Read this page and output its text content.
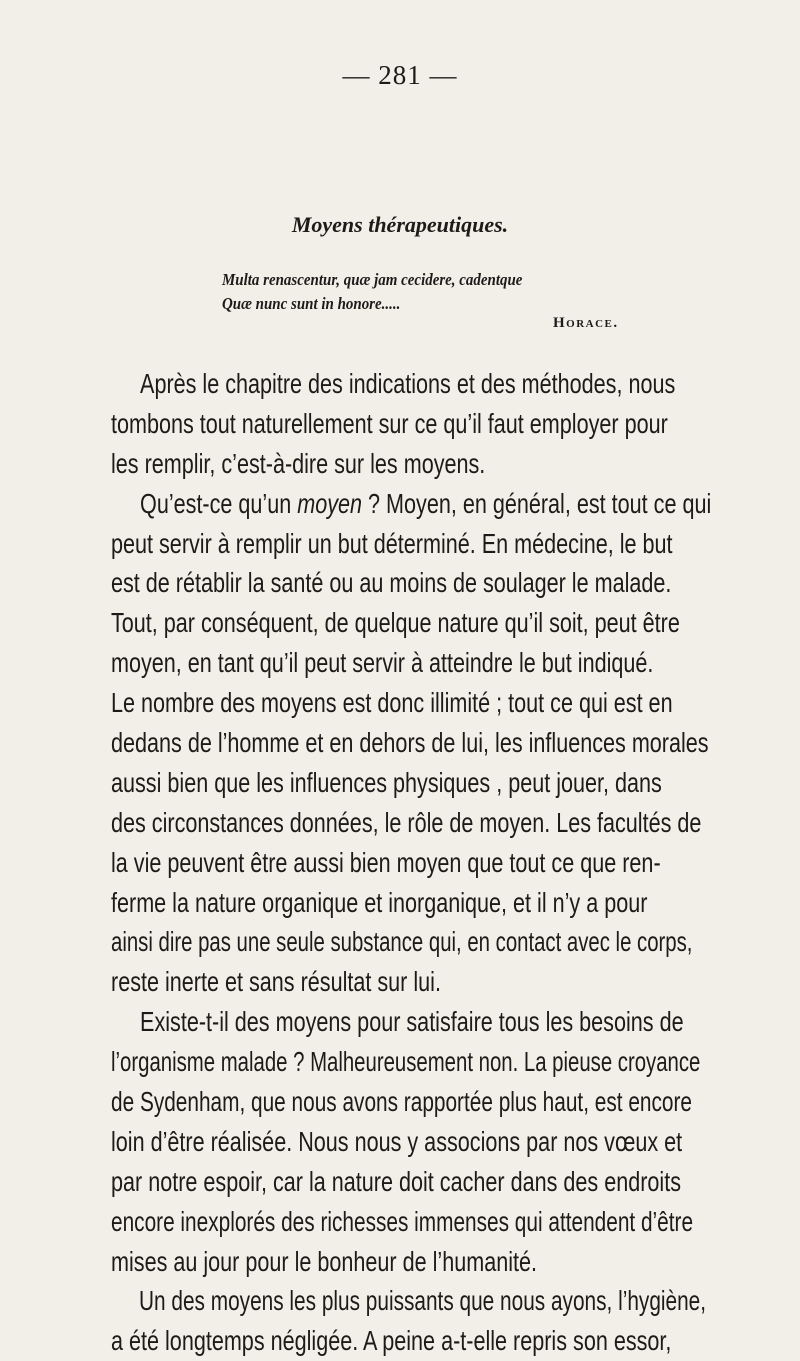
— 281 —
Moyens thérapeutiques.
Multa renascentur, quæ jam cecidere, cadentque
Quæ nunc sunt in honore.....
Horace.
Après le chapitre des indications et des méthodes, nous
tombons tout naturellement sur ce qu’il faut employer pour
les remplir, c’est-à-dire sur les moyens.
Qu’est-ce qu’un moyen ? Moyen, en général, est tout ce qui
peut servir à remplir un but déterminé. En médecine, le but
est de rétablir la santé ou au moins de soulager le malade.
Tout, par conséquent, de quelque nature qu’il soit, peut être
moyen, en tant qu’il peut servir à atteindre le but indiqué.
Le nombre des moyens est donc illimité ; tout ce qui est en
dedans de l’homme et en dehors de lui, les influences morales
aussi bien que les influences physiques , peut jouer, dans
des circonstances données, le rôle de moyen. Les facultés de
la vie peuvent être aussi bien moyen que tout ce que ren-
ferme la nature organique et inorganique, et il n’y a pour
ainsi dire pas une seule substance qui, en contact avec le corps,
reste inerte et sans résultat sur lui.
Existe-t-il des moyens pour satisfaire tous les besoins de
l’organisme malade ? Malheureusement non. La pieuse croyance
de Sydenham, que nous avons rapportée plus haut, est encore
loin d’être réalisée. Nous nous y associons par nos vœux et
par notre espoir, car la nature doit cacher dans des endroits
encore inexplorés des richesses immenses qui attendent d’être
mises au jour pour le bonheur de l’humanité.
Un des moyens les plus puissants que nous ayons, l’hygiène,
a été longtemps négligée. A peine a-t-elle repris son essor,
